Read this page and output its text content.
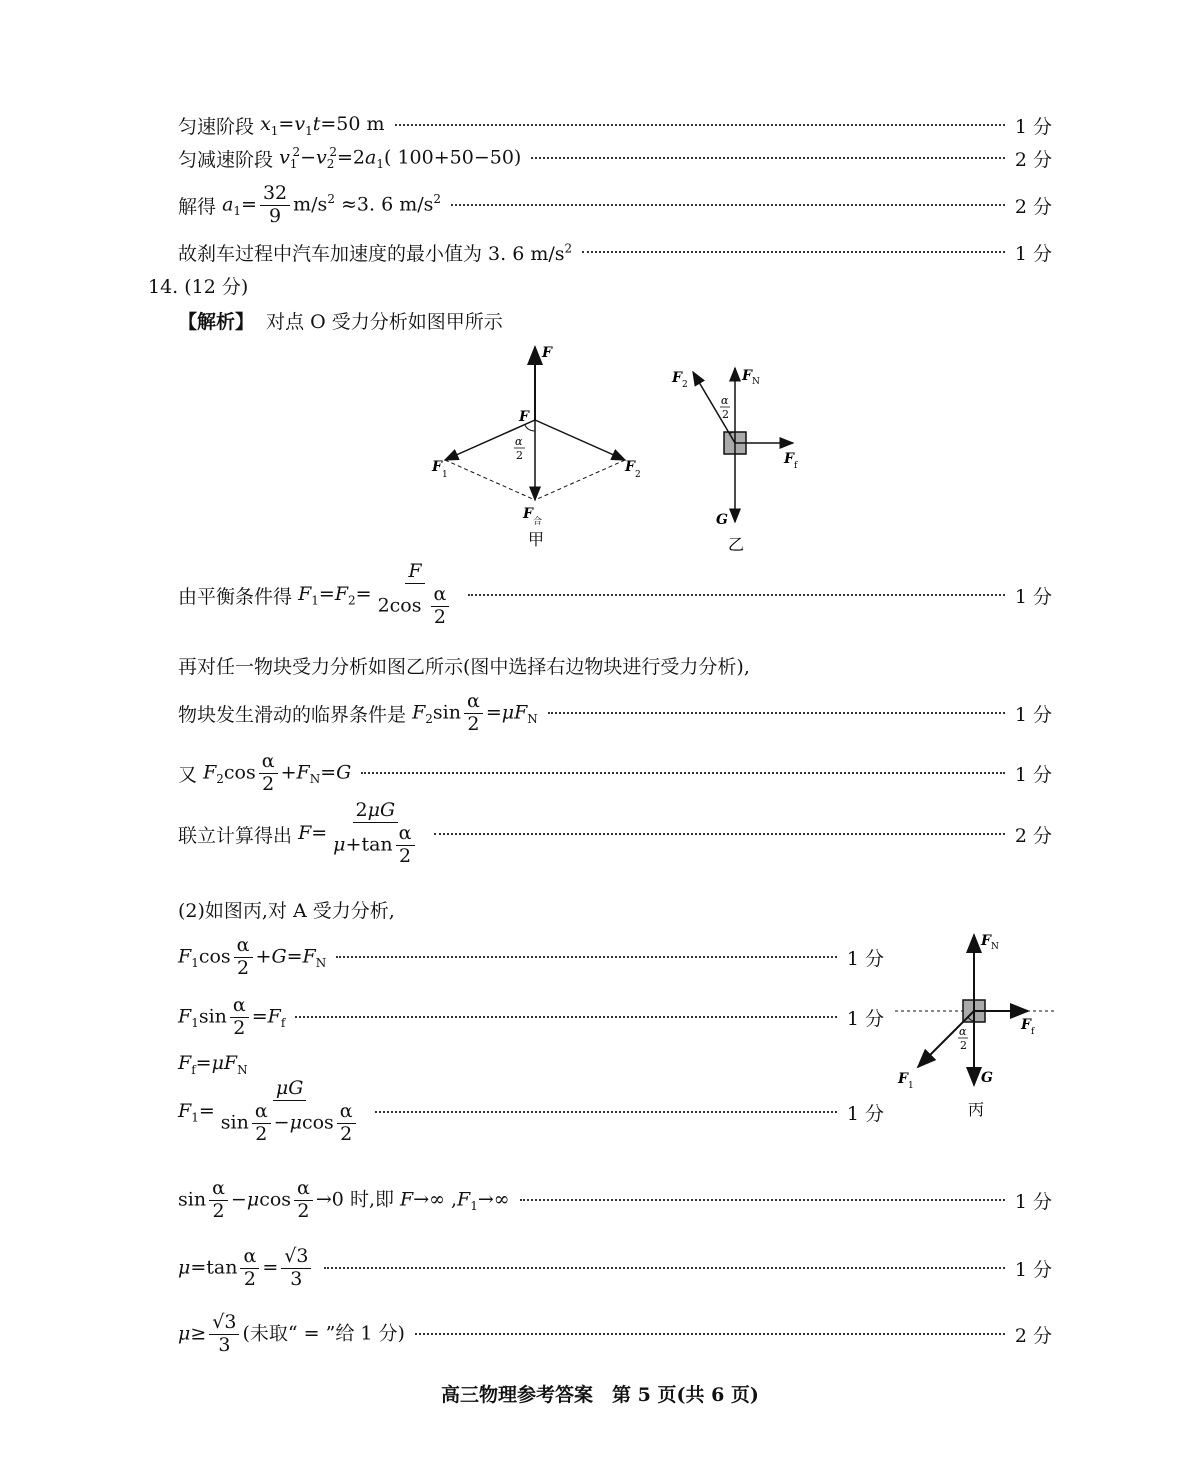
匀速阶段 $x_1=v_1t=50$ m	1 分
匀减速阶段 $v_1^2-v_2^2=2a_1$( 100+50−50)	2 分
解得 $a_1= \frac{32}{9} m/s^2 \approx 3$. 6 $m/s^2$	2 分
故刹车过程中汽车加速度的最小值为 3. 6 $m/s^2$	1 分
14. (12 分)
【解析】 对点 O 受力分析如图甲所示
F
F
α
2
F 1	F 2
F 合
甲
F N
F 2
α
2
F f
G
乙
由平衡条件得 $F_1=F_2= \frac{F}{2\cos \frac{\alpha}{2}}$	1 分
再对任一物块受力分析如图乙所示(图中选择右边物块进行受力分析),
物块发生滑动的临界条件是 $F_2\sin \frac{\alpha}{2} =\mu F_N$	1 分
又 $F_2\cos \frac{\alpha}{2} +F_N=G$	1 分
联立计算得出 $F= \frac{2\mu G}{\mu+\tan \frac{\alpha}{2}}$	2 分
(2)如图丙,对 A 受力分析,
$F_1\cos \frac{\alpha}{2} +G=F_N$	1 分
$F_1\sin \frac{\alpha}{2} =F_f$	1 分
$F_f=\mu F_N$
$F_1= \frac{\mu G}{\sin \frac{\alpha}{2} -\mu\cos \frac{\alpha}{2}}$	1 分
F N
F f
α
2
F 1	G
丙
$\sin \frac{\alpha}{2} -\mu\cos \frac{\alpha}{2} \to 0$ 时,即 F→∞ $,F_1\to\infty$	1 分
$\mu=\tan \frac{\alpha}{2} = \frac{√3}{3}$	1 分
$\mu\ge \frac{√3}{3}$ (未取“ = ”给 1 分)	2 分
高三物理参考答案　第 5 页(共 6 页)
